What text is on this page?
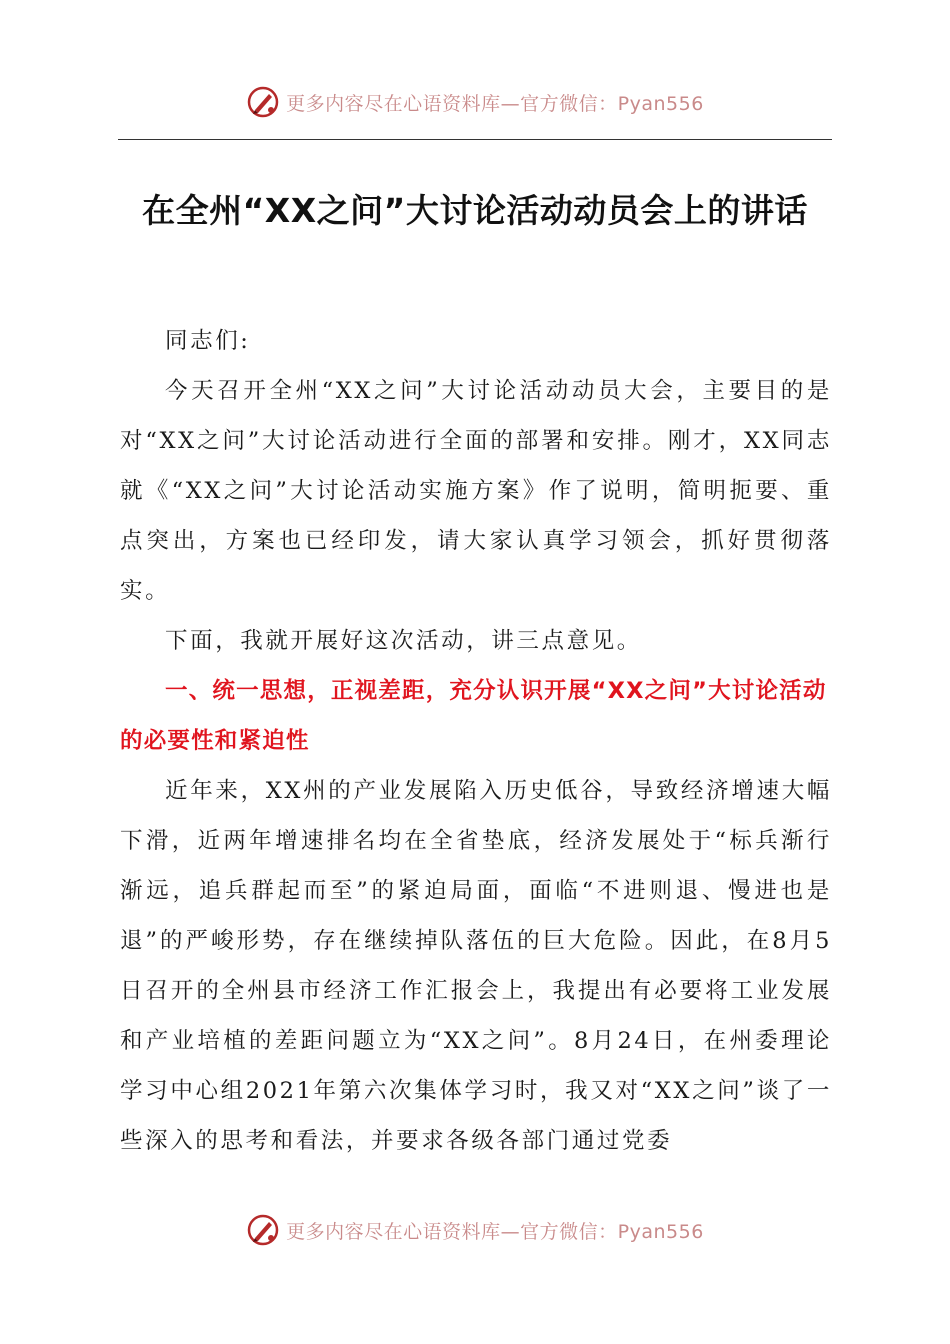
更多内容尽在心语资料库—官方微信：Pyan556
在全州“XX之问”大讨论活动动员会上的讲话

同志们:

今天召开全州“XX之问”大讨论活动动员大会，主要目的是对“XX之问”大讨论活动进行全面的部署和安排。刚才，XX同志就《“XX之问”大讨论活动实施方案》作了说明，简明扼要、重点突出，方案也已经印发，请大家认真学习领会，抓好贯彻落实。

下面，我就开展好这次活动，讲三点意见。

一、统一思想，正视差距，充分认识开展“XX之问”大讨论活动的必要性和紧迫性

近年来，XX州的产业发展陷入历史低谷，导致经济增速大幅下滑，近两年增速排名均在全省垫底，经济发展处于“标兵渐行渐远，追兵群起而至”的紧迫局面，面临“不进则退、慢进也是退”的严峻形势，存在继续掉队落伍的巨大危险。因此，在8月5日召开的全州县市经济工作汇报会上，我提出有必要将工业发展和产业培植的差距问题立为“XX之问”。8月24日，在州委理论学习中心组2021年第六次集体学习时，我又对“XX之问”谈了一些深入的思考和看法，并要求各级各部门通过党委

更多内容尽在心语资料库—官方微信：Pyan556
